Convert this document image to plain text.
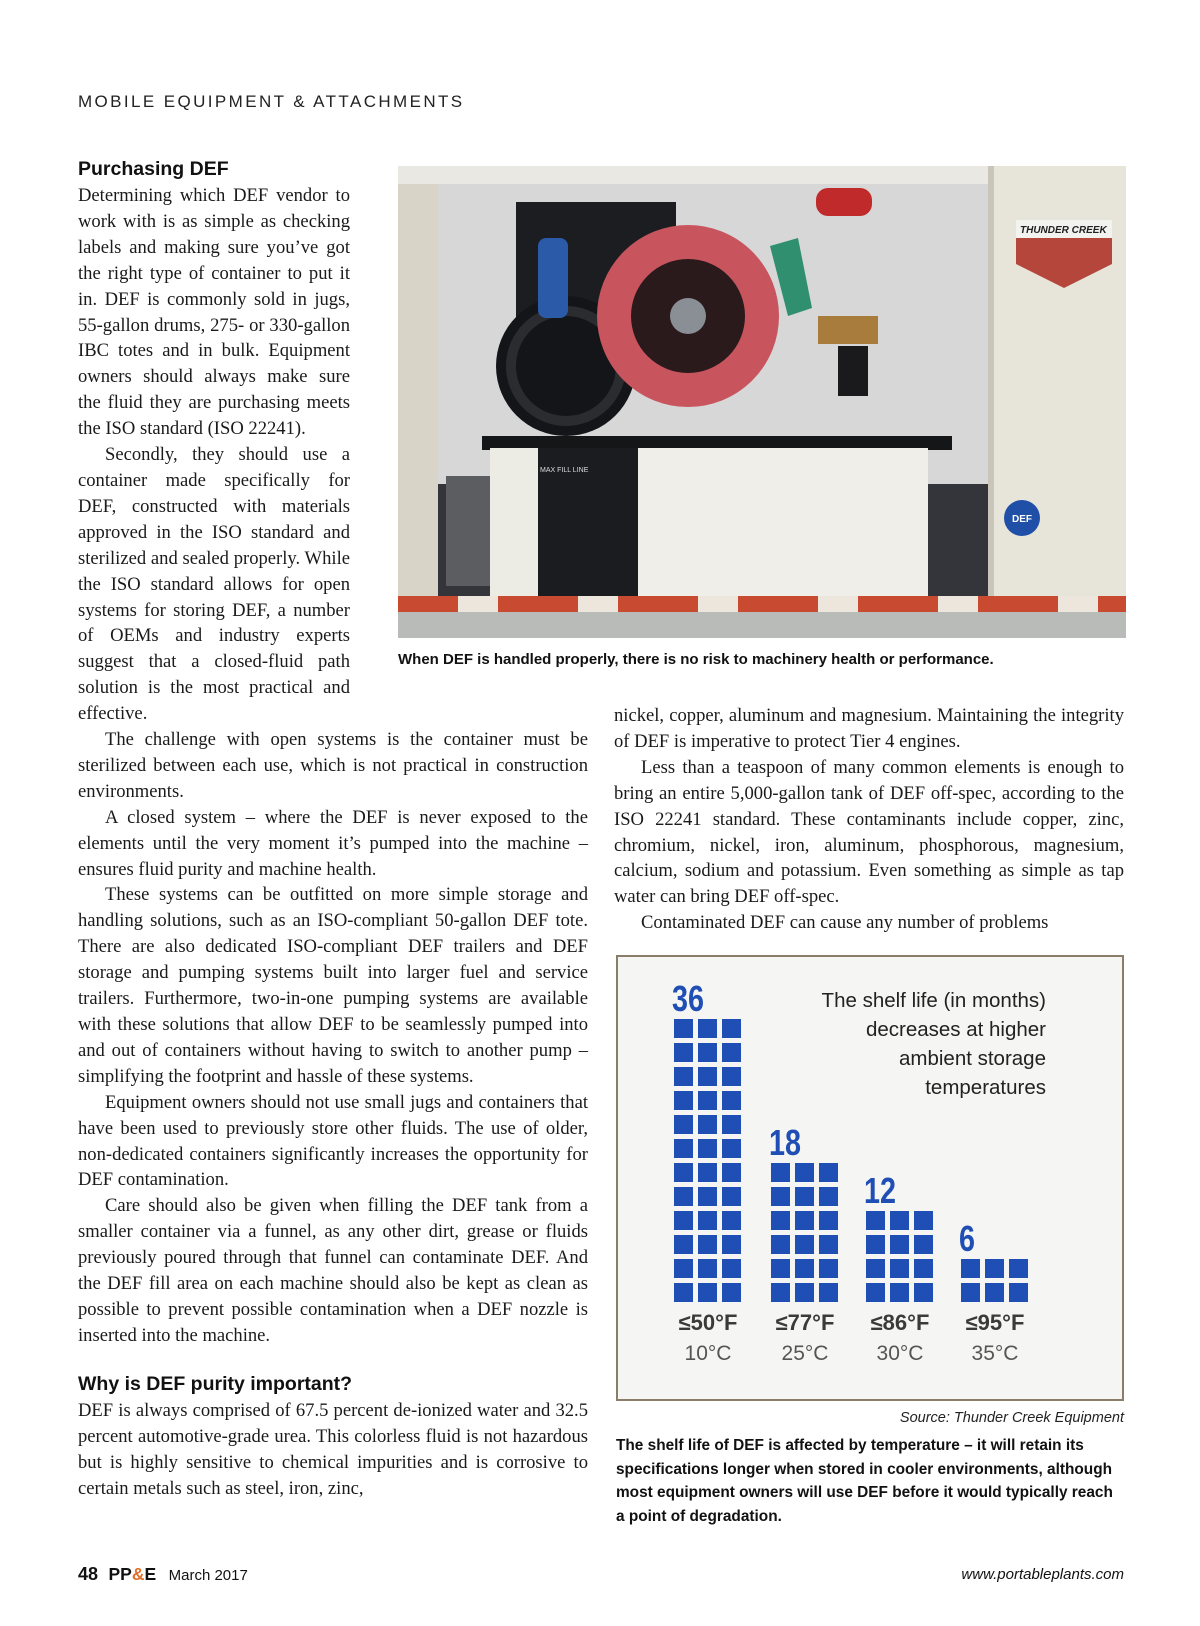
MOBILE EQUIPMENT & ATTACHMENTS
Purchasing DEF

Determining which DEF vendor to work with is as simple as checking labels and making sure you’ve got the right type of container to put it in. DEF is commonly sold in jugs, 55-gallon drums, 275- or 330-gallon IBC totes and in bulk. Equipment owners should always make sure the fluid they are purchasing meets the ISO standard (ISO 22241).

Secondly, they should use a container made specifically for DEF, constructed with materials approved in the ISO standard and sterilized and sealed properly. While the ISO standard allows for open systems for storing DEF, a number of OEMs and industry experts suggest that a closed-fluid path solution is the most practical and effective.

The challenge with open systems is the container must be sterilized between each use, which is not practical in construction environments.

A closed system – where the DEF is never exposed to the elements until the very moment it’s pumped into the machine – ensures fluid purity and machine health.

These systems can be outfitted on more simple storage and handling solutions, such as an ISO-compliant 50-gallon DEF tote. There are also dedicated ISO-compliant DEF trailers and DEF storage and pumping systems built into larger fuel and service trailers. Furthermore, two-in-one pumping systems are available with these solutions that allow DEF to be seamlessly pumped into and out of containers without having to switch to another pump – simplifying the footprint and hassle of these systems.

Equipment owners should not use small jugs and containers that have been used to previously store other fluids. The use of older, non-dedicated containers significantly increases the opportunity for DEF contamination.

Care should also be given when filling the DEF tank from a smaller container via a funnel, as any other dirt, grease or fluids previously poured through that funnel can contaminate DEF. And the DEF fill area on each machine should also be kept as clean as possible to prevent possible contamination when a DEF nozzle is inserted into the machine.

Why is DEF purity important?

DEF is always comprised of 67.5 percent de-ionized water and 32.5 percent automotive-grade urea. This colorless fluid is not hazardous but is highly sensitive to chemical impurities and is corrosive to certain metals such as steel, iron, zinc,

nickel, copper, aluminum and magnesium. Maintaining the integrity of DEF is imperative to protect Tier 4 engines.

Less than a teaspoon of many common elements is enough to bring an entire 5,000-gallon tank of DEF off-spec, according to the ISO 22241 standard. These contaminants include copper, zinc, chromium, nickel, iron, aluminum, phosphorous, magnesium, calcium, sodium and potassium. Even something as simple as tap water can bring DEF off-spec.

Contaminated DEF can cause any number of problems

MAX FILL LINE
THUNDER CREEK
DEF
When DEF is handled properly, there is no risk to machinery health or performance.
36
18
12
6
≤50°F
10°C
≤77°F
25°C
≤86°F
30°C
≤95°F
35°C
The shelf life (in months)
decreases at higher
ambient storage
temperatures
Source: Thunder Creek Equipment
The shelf life of DEF is affected by temperature – it will retain its specifications longer when stored in cooler environments, although most equipment owners will use DEF before it would typically reach a point of degradation.
48 PP&E March 2017	www.portableplants.com
